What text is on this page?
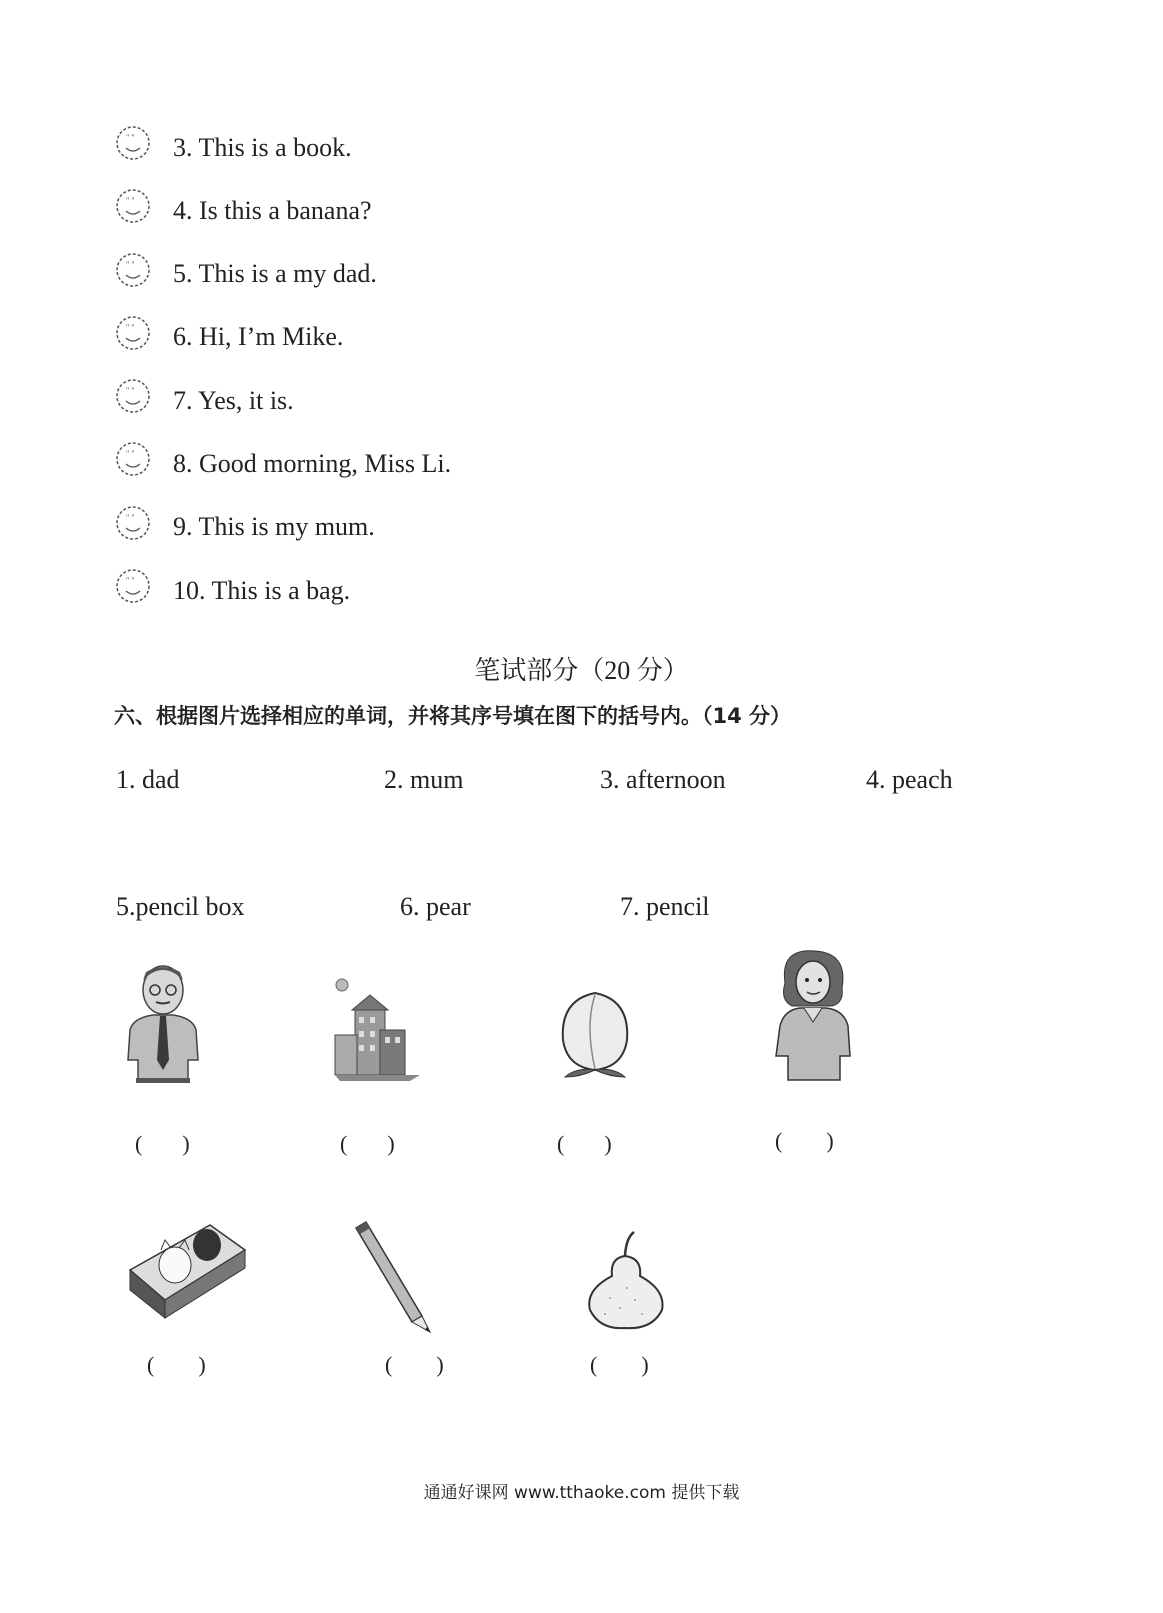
" " 3. This is a book.
" " 4. Is this a banana?
" " 5. This is a my dad.
" " 6. Hi, I’m Mike.
" " 7. Yes, it is.
" " 8. Good morning, Miss Li.
" " 9. This is my mum.
" " 10. This is a bag.
笔试部分（20 分）
六、根据图片选择相应的单词，并将其序号填在图下的括号内。（14 分）
1. dad	2. mum	3. afternoon	4. peach
5.pencil box	6. pear	7. pencil
( )	( )	( )	( )
( )	( )	( )
通通好课网 www.tthaoke.com 提供下载
